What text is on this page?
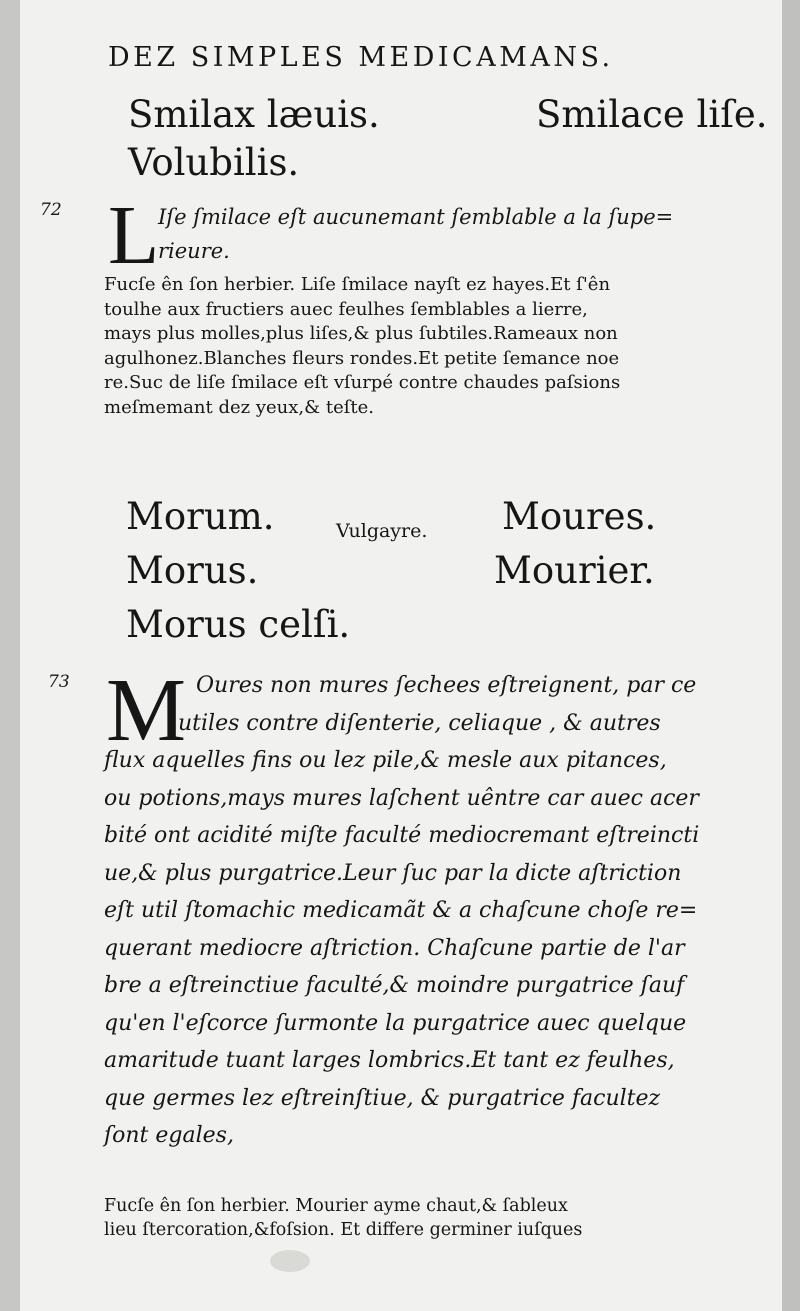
DEZ SIMPLES MEDICAMANS.
Smilax læuis.	Smilace liſe.
Volubilis.
72 L
Iſe ſmilace eſt aucunemant ſemblable a la ſupe=
rieure.
Fucſe ên ſon herbier. Liſe ſmilace nayſt ez hayes.Et ſ'ên
toulhe aux fructiers auec feulhes ſemblables a lierre,
mays plus molles,plus liſes,& plus ſubtiles.Rameaux non
agulhonez.Blanches fleurs rondes.Et petite ſemance noe
re.Suc de liſe ſmilace eſt vſurpé contre chaudes paſsions
meſmemant dez yeux,& teſte.
Morum.
Morus.
Morus celſi.
Vulgayre. Moures.
Mourier.
73 M Oures non mures ſechees eſtreignent, par ce
utiles contre diſenterie, celiaque , & autres
flux aquelles fins ou lez pile,& mesle aux pitances,
ou potions,mays mures laſchent uêntre car auec acer
bité ont acidité miſte faculté mediocremant eſtreincti
ue,& plus purgatrice.Leur ſuc par la dicte aſtriction
eſt util ſtomachic medicamãt & a chaſcune choſe re=
querant mediocre aſtriction. Chaſcune partie de l'ar
bre a eſtreinctiue faculté,& moindre purgatrice ſauf
qu'en l'eſcorce ſurmonte la purgatrice auec quelque
amaritude tuant larges lombrics.Et tant ez feulhes,
que germes lez eſtreinſtiue, & purgatrice facultez
ſont egales,
Fucſe ên ſon herbier. Mourier ayme chaut,& ſableux
lieu ſtercoration,&foſsion. Et differe germiner iuſques
